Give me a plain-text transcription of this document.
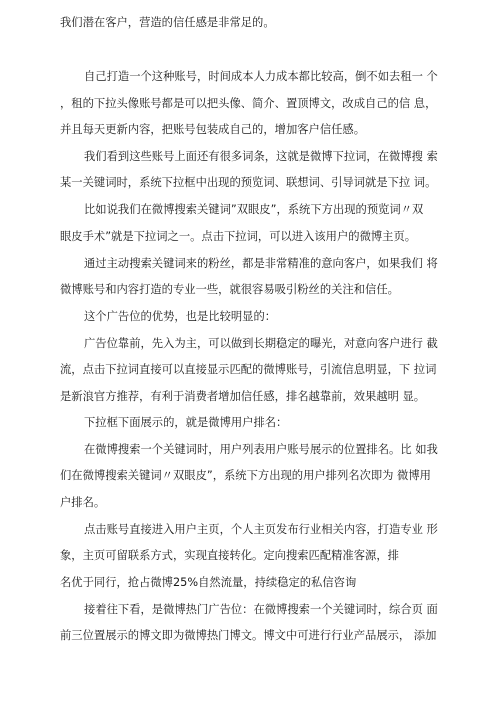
我们潜在客户，营造的信任感是非常足的。
自己打造一个这种账号，时间成本人力成本都比较高，倒不如去租一 个
，租的下拉头像账号都是可以把头像、简介、置顶博文，改成自己的信 息，
并且每天更新内容，把账号包装成自己的，增加客户信任感。
我们看到这些账号上面还有很多词条，这就是微博下拉词，在微博搜 索
某一关键词时，系统下拉框中出现的预览词、联想词、引导词就是下拉 词。
比如说我们在微博搜索关键词”双眼皮”，系统下方出现的预览词〃双
眼皮手术”就是下拉词之一。点击下拉词，可以进入该用户的微博主页。
通过主动搜索关键词来的粉丝，都是非常精准的意向客户，如果我们 将
微博账号和内容打造的专业一些，就很容易吸引粉丝的关注和信任。
这个广告位的优势，也是比较明显的：
广告位靠前，先入为主，可以做到长期稳定的曝光，对意向客户进行 截
流，点击下拉词直接可以直接显示匹配的微博账号，引流信息明显，下 拉词
是新浪官方推荐，有利于消费者增加信任感，排名越靠前，效果越明 显。
下拉框下面展示的，就是微博用户排名：
在微博搜索一个关键词时，用户列表用户账号展示的位置排名。比 如我
们在微博搜索关键词〃双眼皮”，系统下方出现的用户排列名次即为 微博用
户排名。
点击账号直接进入用户主页，个人主页发布行业相关内容，打造专业 形
象，主页可留联系方式，实现直接转化。定向搜索匹配精准客源，排
名优于同行，抢占微博25%自然流量，持续稳定的私信咨询
接着往下看，是微博热门广告位：在微博搜索一个关键词时，综合页 面
前三位置展示的博文即为微博热门博文。博文中可进行行业产品展示， 添加
